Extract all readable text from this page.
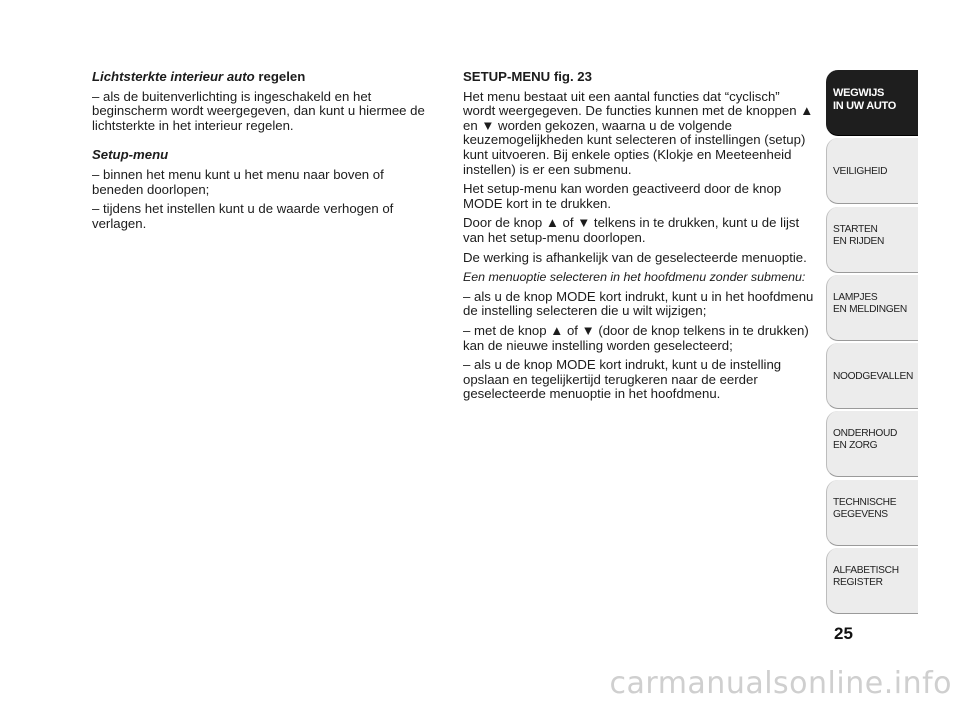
Lichtsterkte interieur auto regelen

– als de buitenverlichting is ingeschakeld en het beginscherm wordt weergegeven, dan kunt u hiermee de lichtsterkte in het interieur regelen.

Setup-menu

– binnen het menu kunt u het menu naar boven of beneden doorlopen;

– tijdens het instellen kunt u de waarde verhogen of verlagen.

SETUP-MENU fig. 23

Het menu bestaat uit een aantal functies dat “cyclisch” wordt weergegeven. De functies kunnen met de knoppen ▲ en ▼ worden gekozen, waarna u de volgende keuzemogelijkheden kunt selecteren of instellingen (setup) kunt uitvoeren. Bij enkele opties (Klokje en Meeteenheid instellen) is er een submenu.

Het setup-menu kan worden geactiveerd door de knop MODE kort in te drukken.

Door de knop ▲ of ▼ telkens in te drukken, kunt u de lijst van het setup-menu doorlopen.

De werking is afhankelijk van de geselecteerde menuoptie.

Een menuoptie selecteren in het hoofdmenu zonder submenu:

– als u de knop MODE kort indrukt, kunt u in het hoofdmenu de instelling selecteren die u wilt wijzigen;

– met de knop ▲ of ▼ (door de knop telkens in te drukken) kan de nieuwe instelling worden geselecteerd;

– als u de knop MODE kort indrukt, kunt u de instelling opslaan en tegelijkertijd terugkeren naar de eerder geselecteerde menuoptie in het hoofdmenu.

WEGWIJS
IN UW AUTO
VEILIGHEID
STARTEN
EN RIJDEN
LAMPJES
EN MELDINGEN
NOODGEVALLEN
ONDERHOUD
EN ZORG
TECHNISCHE
GEGEVENS
ALFABETISCH
REGISTER
25
carmanualsonline.info
